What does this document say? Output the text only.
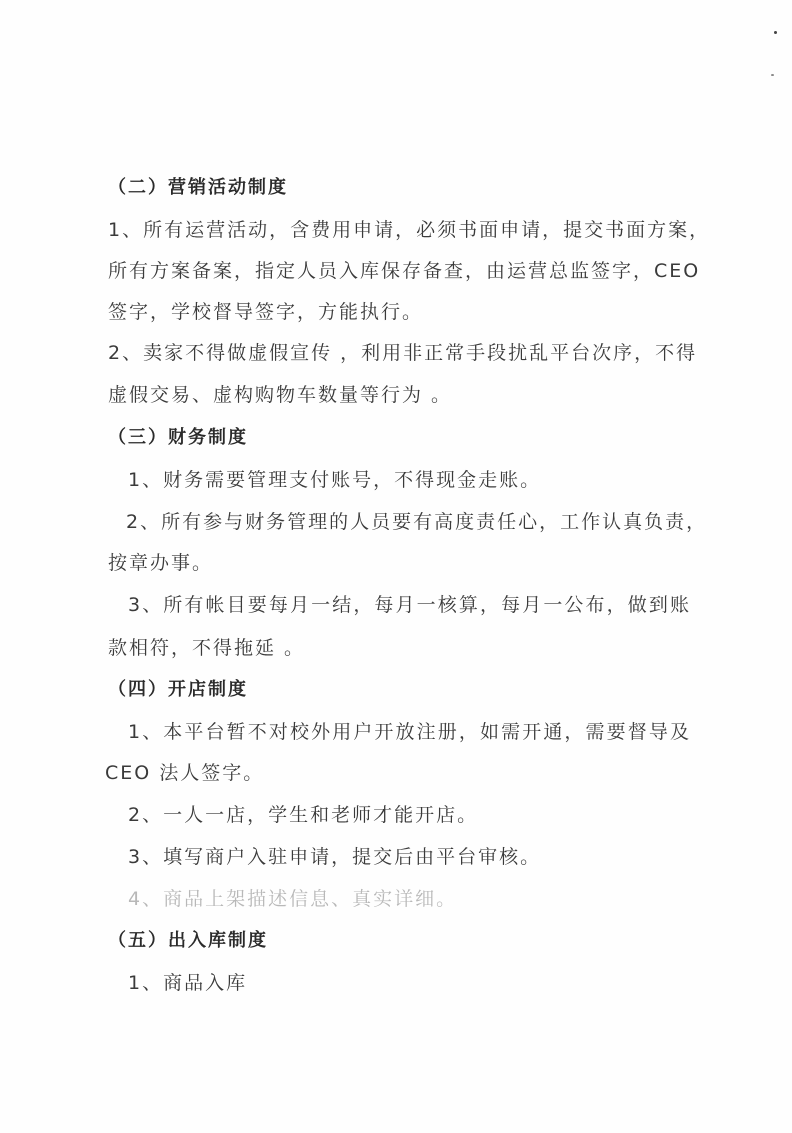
（二）营销活动制度
1、所有运营活动，含费用申请，必须书面申请，提交书面方案，
所有方案备案，指定人员入库保存备查，由运营总监签字，CEO
签字，学校督导签字，方能执行。
2、卖家不得做虚假宣传 ，利用非正常手段扰乱平台次序，不得
虚假交易、虚构购物车数量等行为 。
（三）财务制度
1、财务需要管理支付账号，不得现金走账。
2、所有参与财务管理的人员要有高度责任心，工作认真负责，
按章办事。
3、所有帐目要每月一结，每月一核算，每月一公布，做到账
款相符，不得拖延 。
（四）开店制度
1、本平台暂不对校外用户开放注册，如需开通，需要督导及
CEO 法人签字。
2、一人一店，学生和老师才能开店。
3、填写商户入驻申请，提交后由平台审核。
4、商品上架描述信息、真实详细。
（五）出入库制度
1、商品入库
